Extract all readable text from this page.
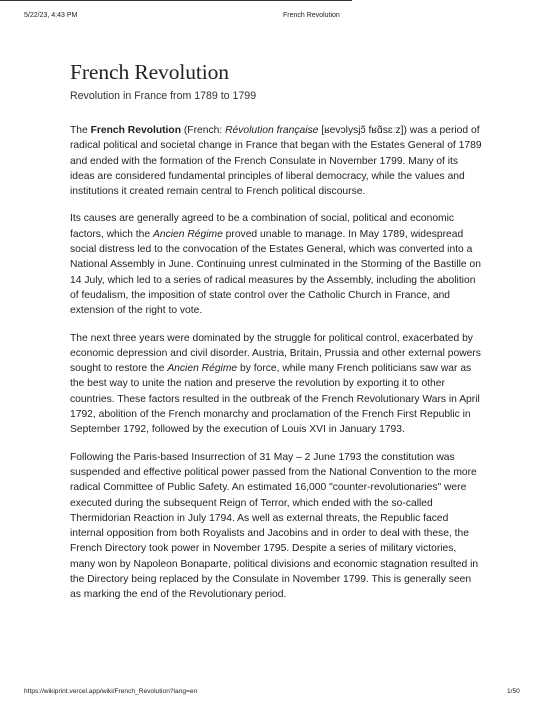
5/22/23, 4:43 PM	French Revolution
French Revolution
Revolution in France from 1789 to 1799

The French Revolution (French: Révolution française [ʁevɔlysjɔ̃ fʁɑ̃sɛːz]) was a period of radical political and societal change in France that began with the Estates General of 1789 and ended with the formation of the French Consulate in November 1799. Many of its ideas are considered fundamental principles of liberal democracy, while the values and institutions it created remain central to French political discourse.

Its causes are generally agreed to be a combination of social, political and economic factors, which the Ancien Régime proved unable to manage. In May 1789, widespread social distress led to the convocation of the Estates General, which was converted into a National Assembly in June. Continuing unrest culminated in the Storming of the Bastille on 14 July, which led to a series of radical measures by the Assembly, including the abolition of feudalism, the imposition of state control over the Catholic Church in France, and extension of the right to vote.

The next three years were dominated by the struggle for political control, exacerbated by economic depression and civil disorder. Austria, Britain, Prussia and other external powers sought to restore the Ancien Régime by force, while many French politicians saw war as the best way to unite the nation and preserve the revolution by exporting it to other countries. These factors resulted in the outbreak of the French Revolutionary Wars in April 1792, abolition of the French monarchy and proclamation of the French First Republic in September 1792, followed by the execution of Louis XVI in January 1793.

Following the Paris-based Insurrection of 31 May – 2 June 1793 the constitution was suspended and effective political power passed from the National Convention to the more radical Committee of Public Safety. An estimated 16,000 "counter-revolutionaries" were executed during the subsequent Reign of Terror, which ended with the so-called Thermidorian Reaction in July 1794. As well as external threats, the Republic faced internal opposition from both Royalists and Jacobins and in order to deal with these, the French Directory took power in November 1795. Despite a series of military victories, many won by Napoleon Bonaparte, political divisions and economic stagnation resulted in the Directory being replaced by the Consulate in November 1799. This is generally seen as marking the end of the Revolutionary period.

https://wikiprint.vercel.app/wiki/French_Revolution?lang=en	1/50
